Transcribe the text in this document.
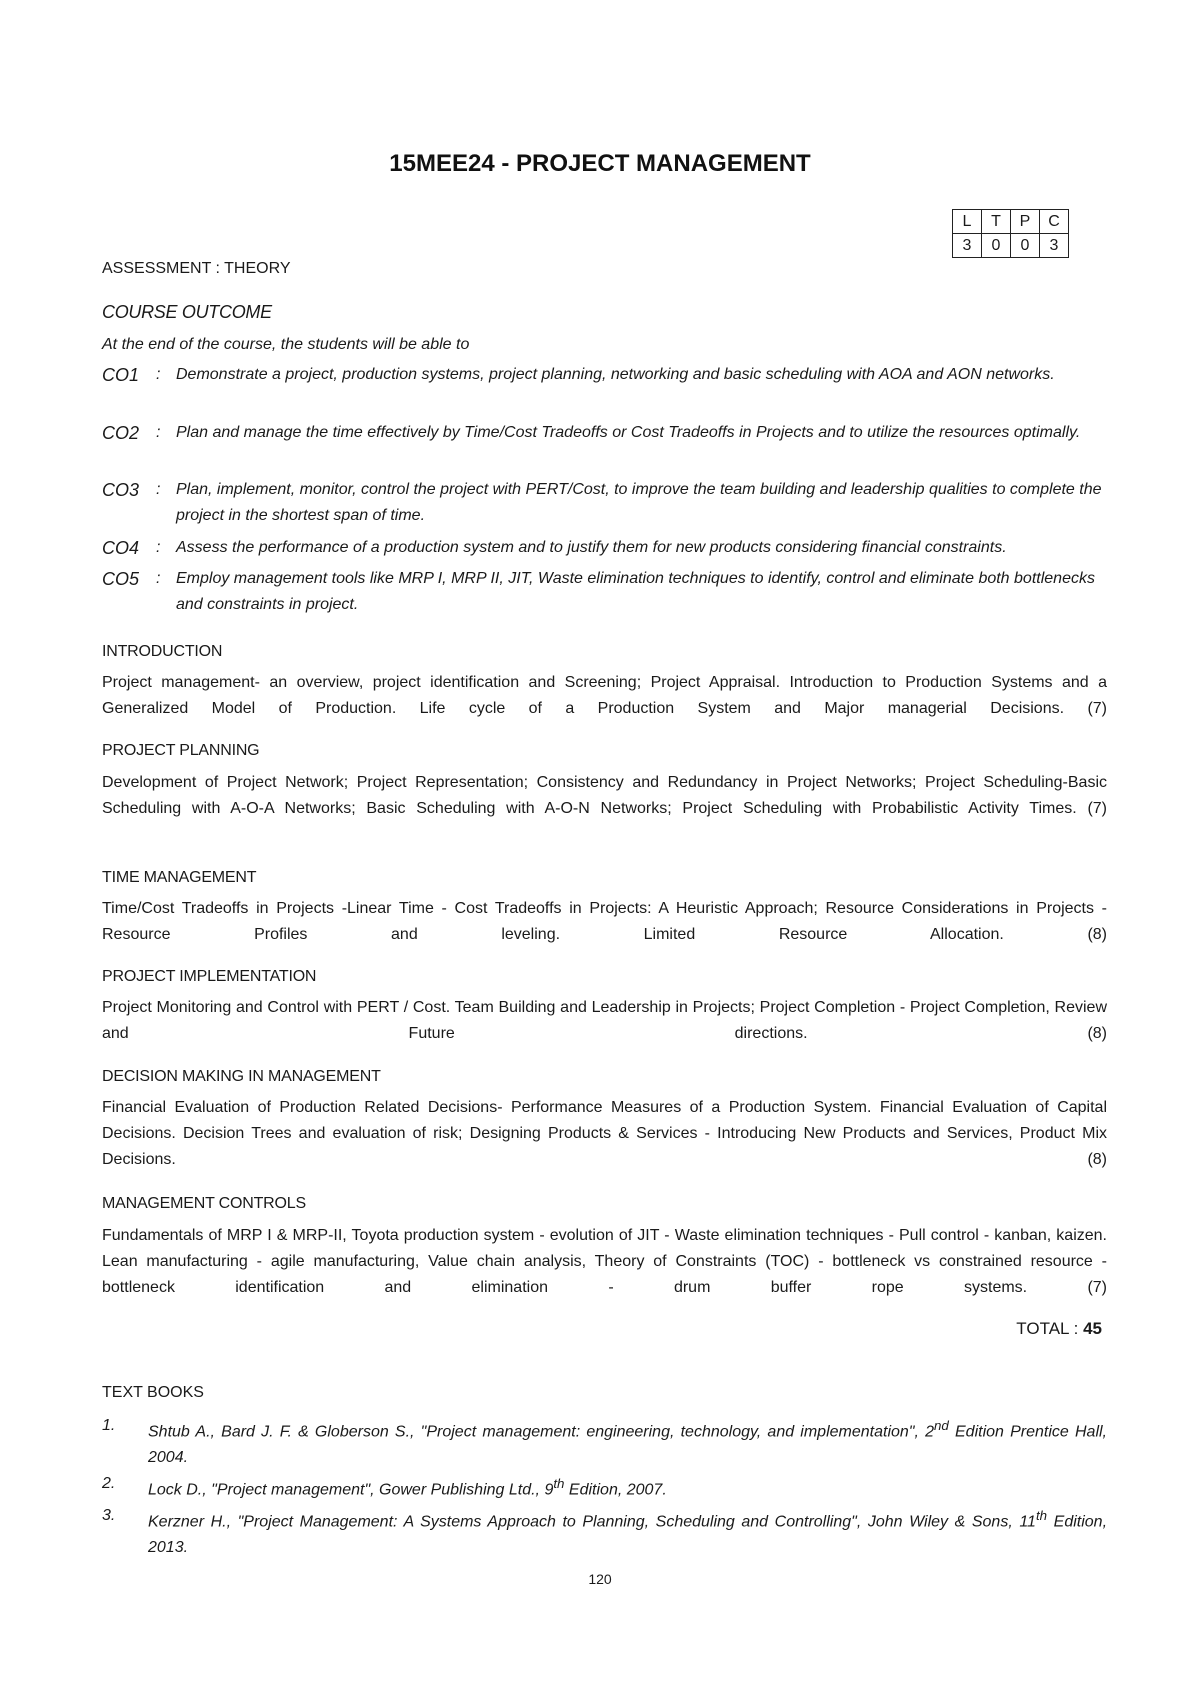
15MEE24 - PROJECT MANAGEMENT
L	T	P	C
3	0	0	3
ASSESSMENT : THEORY
COURSE OUTCOME
At the end of the course, the students will be able to
CO1	: Demonstrate a project, production systems, project planning, networking and basic scheduling with AOA and AON networks.
CO2	: Plan and manage the time effectively by Time/Cost Tradeoffs or Cost Tradeoffs in Projects and to utilize the resources optimally.
CO3	: Plan, implement, monitor, control the project with PERT/Cost, to improve the team building and leadership qualities to complete the project in the shortest span of time.
CO4	: Assess the performance of a production system and to justify them for new products considering financial constraints.
CO5	: Employ management tools like MRP I, MRP II, JIT, Waste elimination techniques to identify, control and eliminate both bottlenecks and constraints in project.
INTRODUCTION
Project management- an overview, project identification and Screening; Project Appraisal. Introduction to Production Systems and a Generalized Model of Production. Life cycle of a Production System and Major managerial Decisions. (7)
PROJECT PLANNING
Development of Project Network; Project Representation; Consistency and Redundancy in Project Networks; Project Scheduling-Basic Scheduling with A-O-A Networks; Basic Scheduling with A-O-N Networks; Project Scheduling with Probabilistic Activity Times. (7)
TIME MANAGEMENT
Time/Cost Tradeoffs in Projects -Linear Time - Cost Tradeoffs in Projects: A Heuristic Approach; Resource Considerations in Projects - Resource Profiles and leveling. Limited Resource Allocation.	(8)
PROJECT IMPLEMENTATION
Project Monitoring and Control with PERT / Cost. Team Building and Leadership in Projects; Project Completion - Project Completion, Review and Future directions.	(8)
DECISION MAKING IN MANAGEMENT
Financial Evaluation of Production Related Decisions- Performance Measures of a Production System. Financial Evaluation of Capital Decisions. Decision Trees and evaluation of risk; Designing Products & Services - Introducing New Products and Services, Product Mix Decisions.	(8)
MANAGEMENT CONTROLS
Fundamentals of MRP I & MRP-II, Toyota production system - evolution of JIT - Waste elimination techniques - Pull control - kanban, kaizen. Lean manufacturing - agile manufacturing, Value chain analysis, Theory of Constraints (TOC) - bottleneck vs constrained resource - bottleneck identification and elimination - drum buffer rope systems.	(7)
TOTAL : 45
TEXT BOOKS
1.	Shtub A., Bard J. F. & Globerson S., "Project management: engineering, technology, and implementation", 2nd Edition Prentice Hall, 2004.
2.	Lock D., "Project management", Gower Publishing Ltd., 9th Edition, 2007.
3.	Kerzner H., "Project Management: A Systems Approach to Planning, Scheduling and Controlling", John Wiley & Sons, 11th Edition, 2013.
120
